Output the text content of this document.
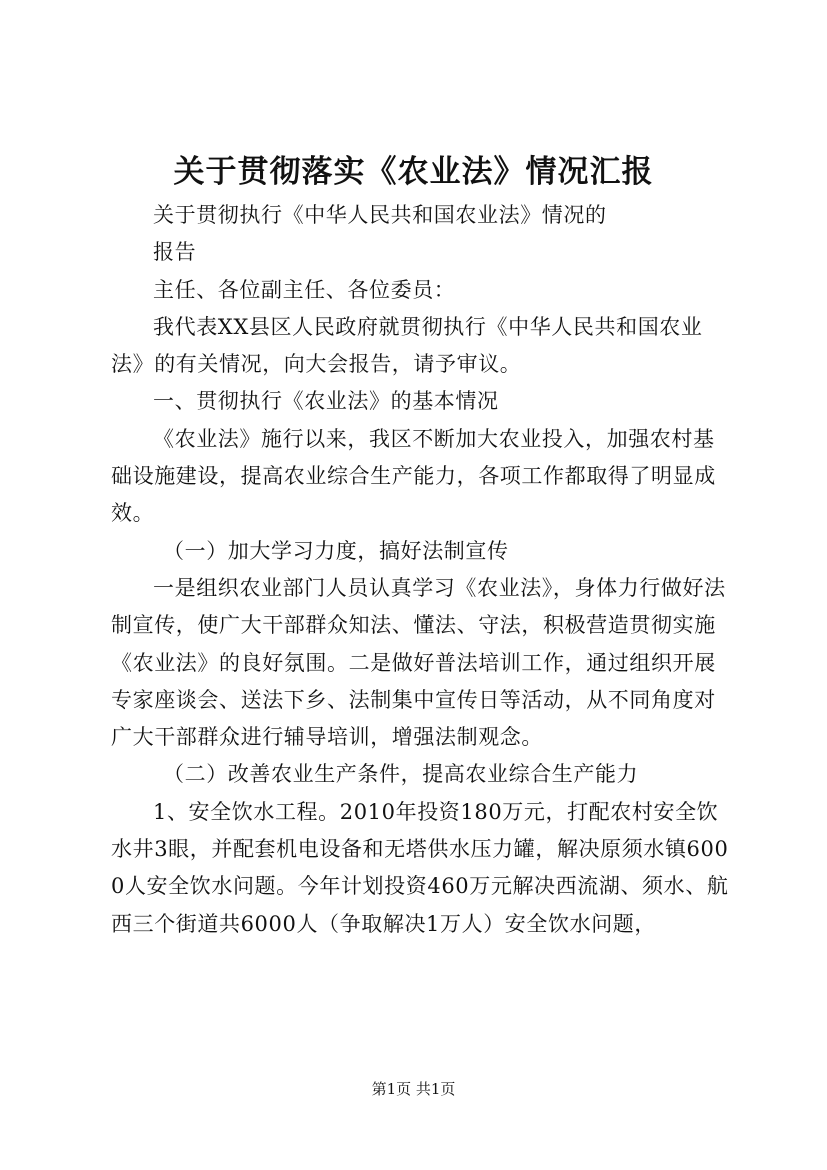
关于贯彻落实《农业法》情况汇报

关于贯彻执行《中华人民共和国农业法》情况的

报告

主任、各位副主任、各位委员：

我代表XX县区人民政府就贯彻执行《中华人民共和国农业法》的有关情况，向大会报告，请予审议。

一、贯彻执行《农业法》的基本情况

《农业法》施行以来，我区不断加大农业投入，加强农村基础设施建设，提高农业综合生产能力，各项工作都取得了明显成效。

（一）加大学习力度，搞好法制宣传

一是组织农业部门人员认真学习《农业法》，身体力行做好法制宣传，使广大干部群众知法、懂法、守法，积极营造贯彻实施《农业法》的良好氛围。二是做好普法培训工作，通过组织开展专家座谈会、送法下乡、法制集中宣传日等活动，从不同角度对广大干部群众进行辅导培训，增强法制观念。

（二）改善农业生产条件，提高农业综合生产能力

1、安全饮水工程。2010年投资180万元，打配农村安全饮水井3眼，并配套机电设备和无塔供水压力罐，解决原须水镇6000人安全饮水问题。今年计划投资460万元解决西流湖、须水、航西三个街道共6000人（争取解决1万人）安全饮水问题，

第1页 共1页
